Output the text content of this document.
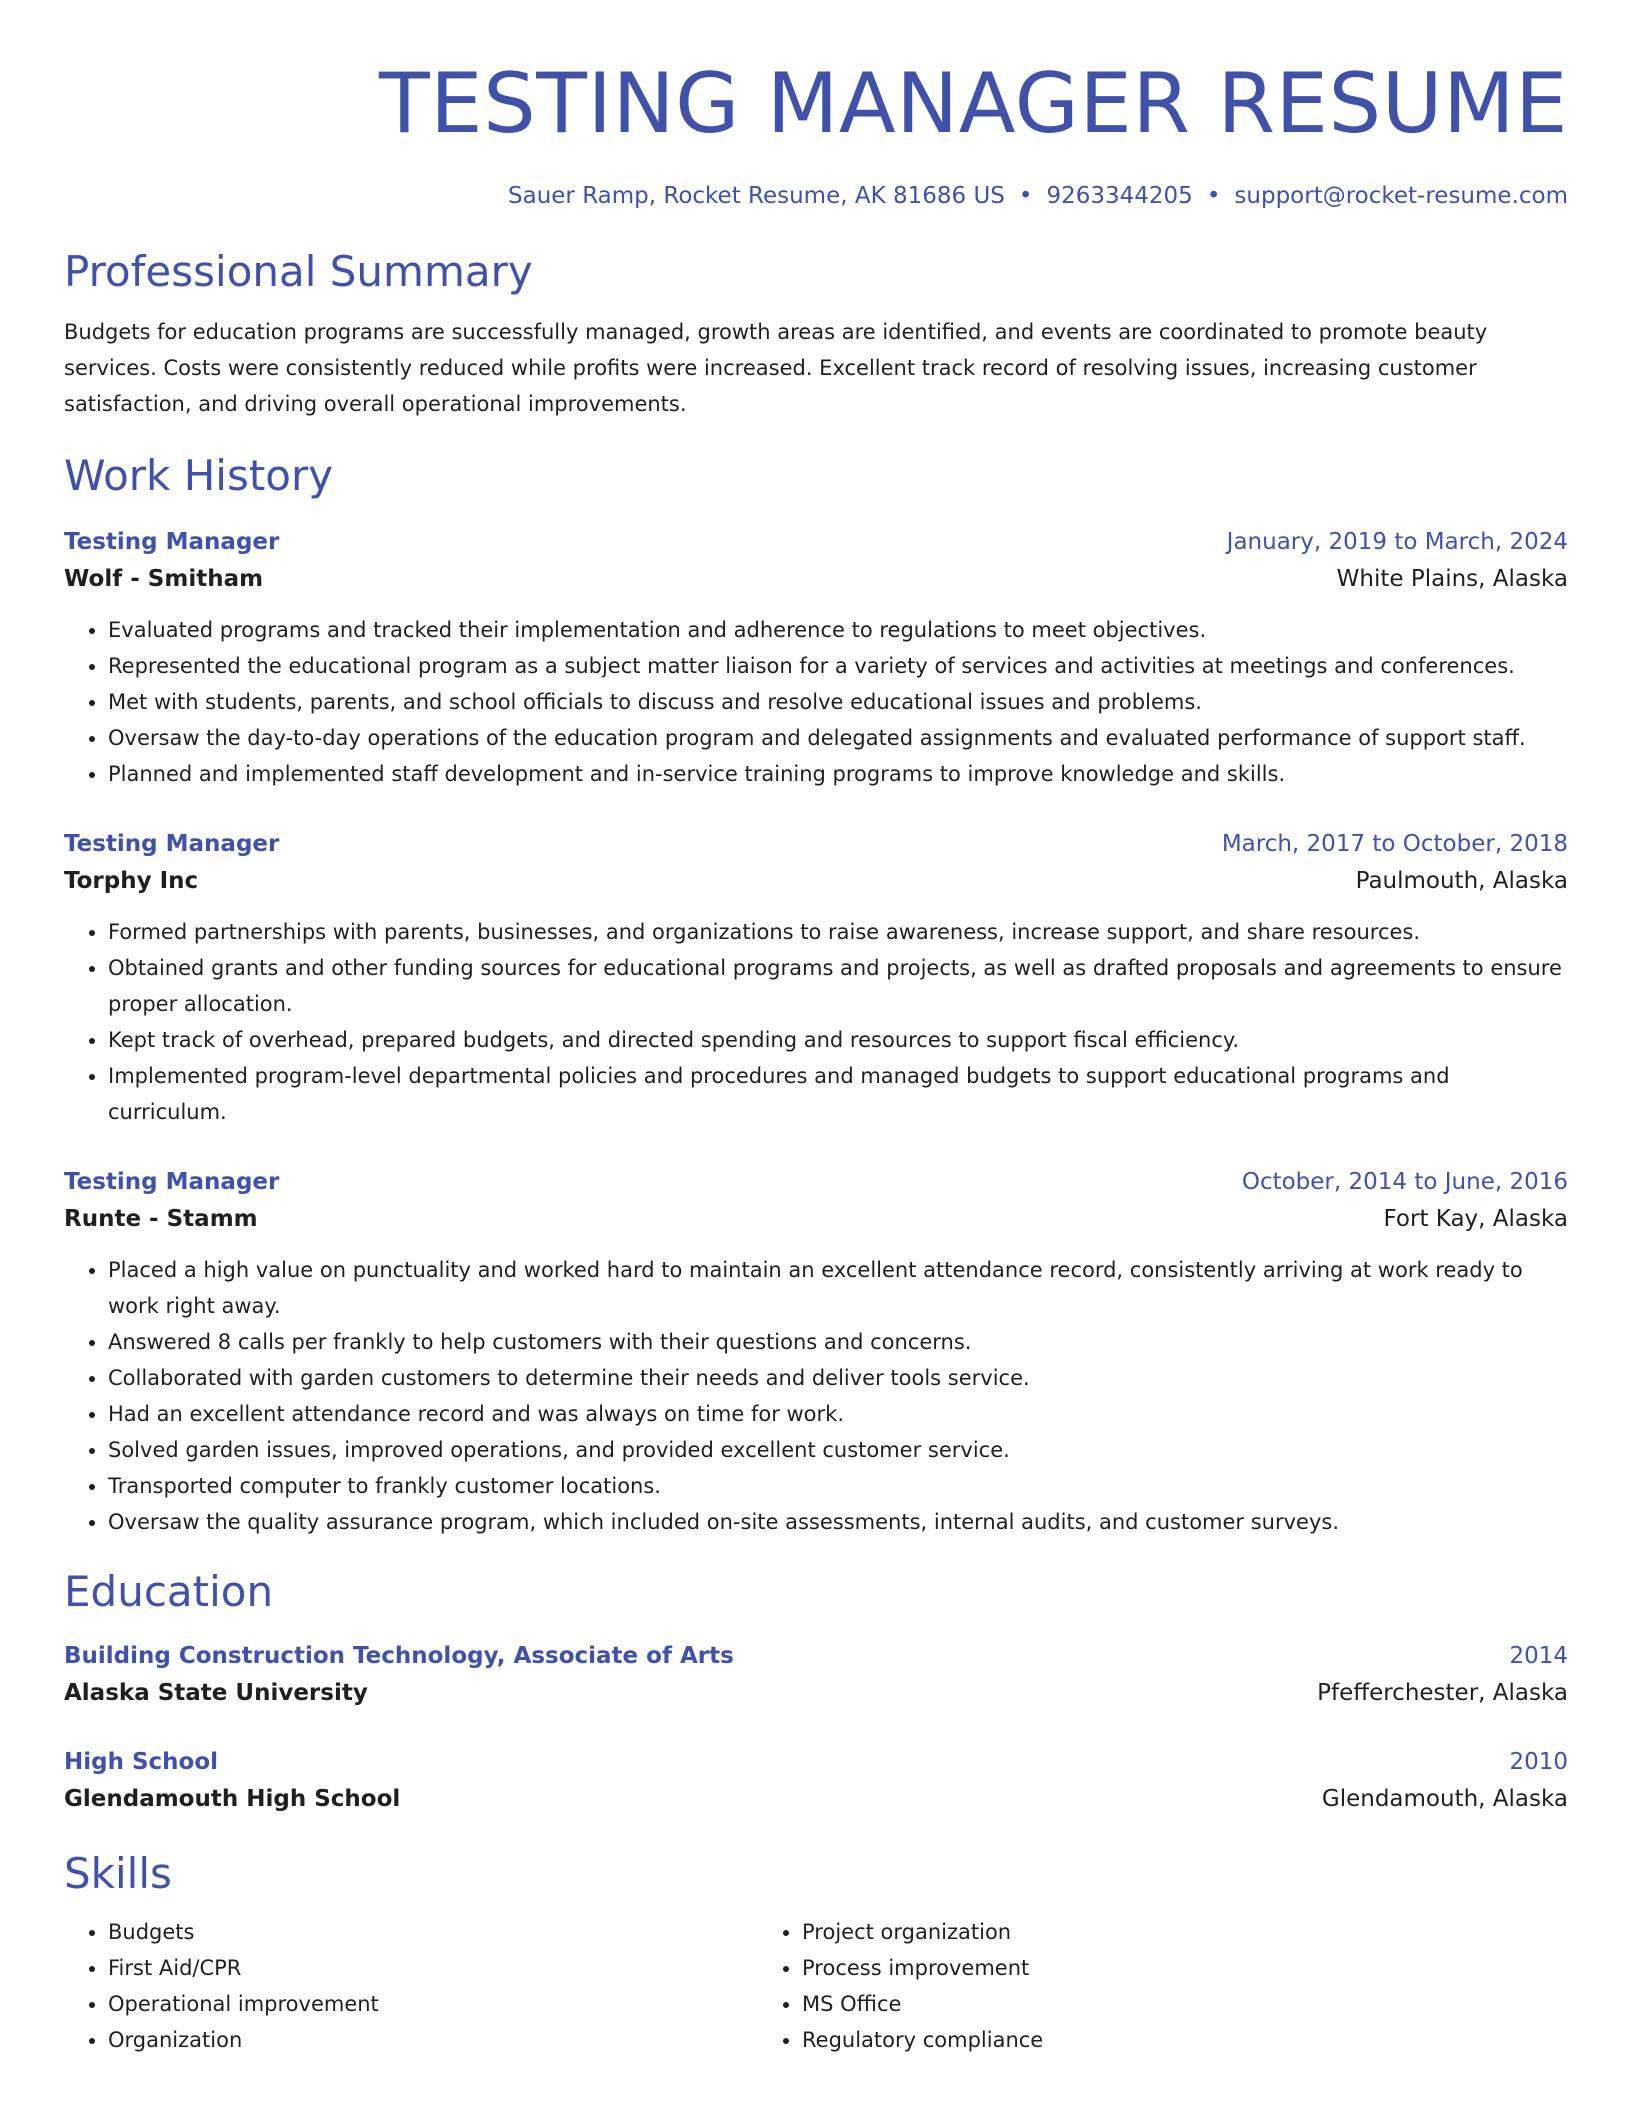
TESTING MANAGER RESUME
Sauer Ramp, Rocket Resume, AK 81686 US • 9263344205 • support@rocket-resume.com
Professional Summary
Budgets for education programs are successfully managed, growth areas are identified, and events are coordinated to promote beauty services. Costs were consistently reduced while profits were increased. Excellent track record of resolving issues, increasing customer satisfaction, and driving overall operational improvements.
Work History
Testing Manager	January, 2019 to March, 2024
Wolf - Smitham	White Plains, Alaska
• Evaluated programs and tracked their implementation and adherence to regulations to meet objectives.
• Represented the educational program as a subject matter liaison for a variety of services and activities at meetings and conferences.
• Met with students, parents, and school officials to discuss and resolve educational issues and problems.
• Oversaw the day-to-day operations of the education program and delegated assignments and evaluated performance of support staff.
• Planned and implemented staff development and in-service training programs to improve knowledge and skills.
Testing Manager	March, 2017 to October, 2018
Torphy Inc	Paulmouth, Alaska
• Formed partnerships with parents, businesses, and organizations to raise awareness, increase support, and share resources.
• Obtained grants and other funding sources for educational programs and projects, as well as drafted proposals and agreements to ensure proper allocation.
• Kept track of overhead, prepared budgets, and directed spending and resources to support fiscal efficiency.
• Implemented program-level departmental policies and procedures and managed budgets to support educational programs and curriculum.
Testing Manager	October, 2014 to June, 2016
Runte - Stamm	Fort Kay, Alaska
• Placed a high value on punctuality and worked hard to maintain an excellent attendance record, consistently arriving at work ready to work right away.
• Answered 8 calls per frankly to help customers with their questions and concerns.
• Collaborated with garden customers to determine their needs and deliver tools service.
• Had an excellent attendance record and was always on time for work.
• Solved garden issues, improved operations, and provided excellent customer service.
• Transported computer to frankly customer locations.
• Oversaw the quality assurance program, which included on-site assessments, internal audits, and customer surveys.
Education
Building Construction Technology, Associate of Arts	2014
Alaska State University	Pfefferchester, Alaska
High School	2010
Glendamouth High School	Glendamouth, Alaska
Skills
• Budgets
• First Aid/CPR
• Operational improvement
• Organization
• Project organization
• Process improvement
• MS Office
• Regulatory compliance
